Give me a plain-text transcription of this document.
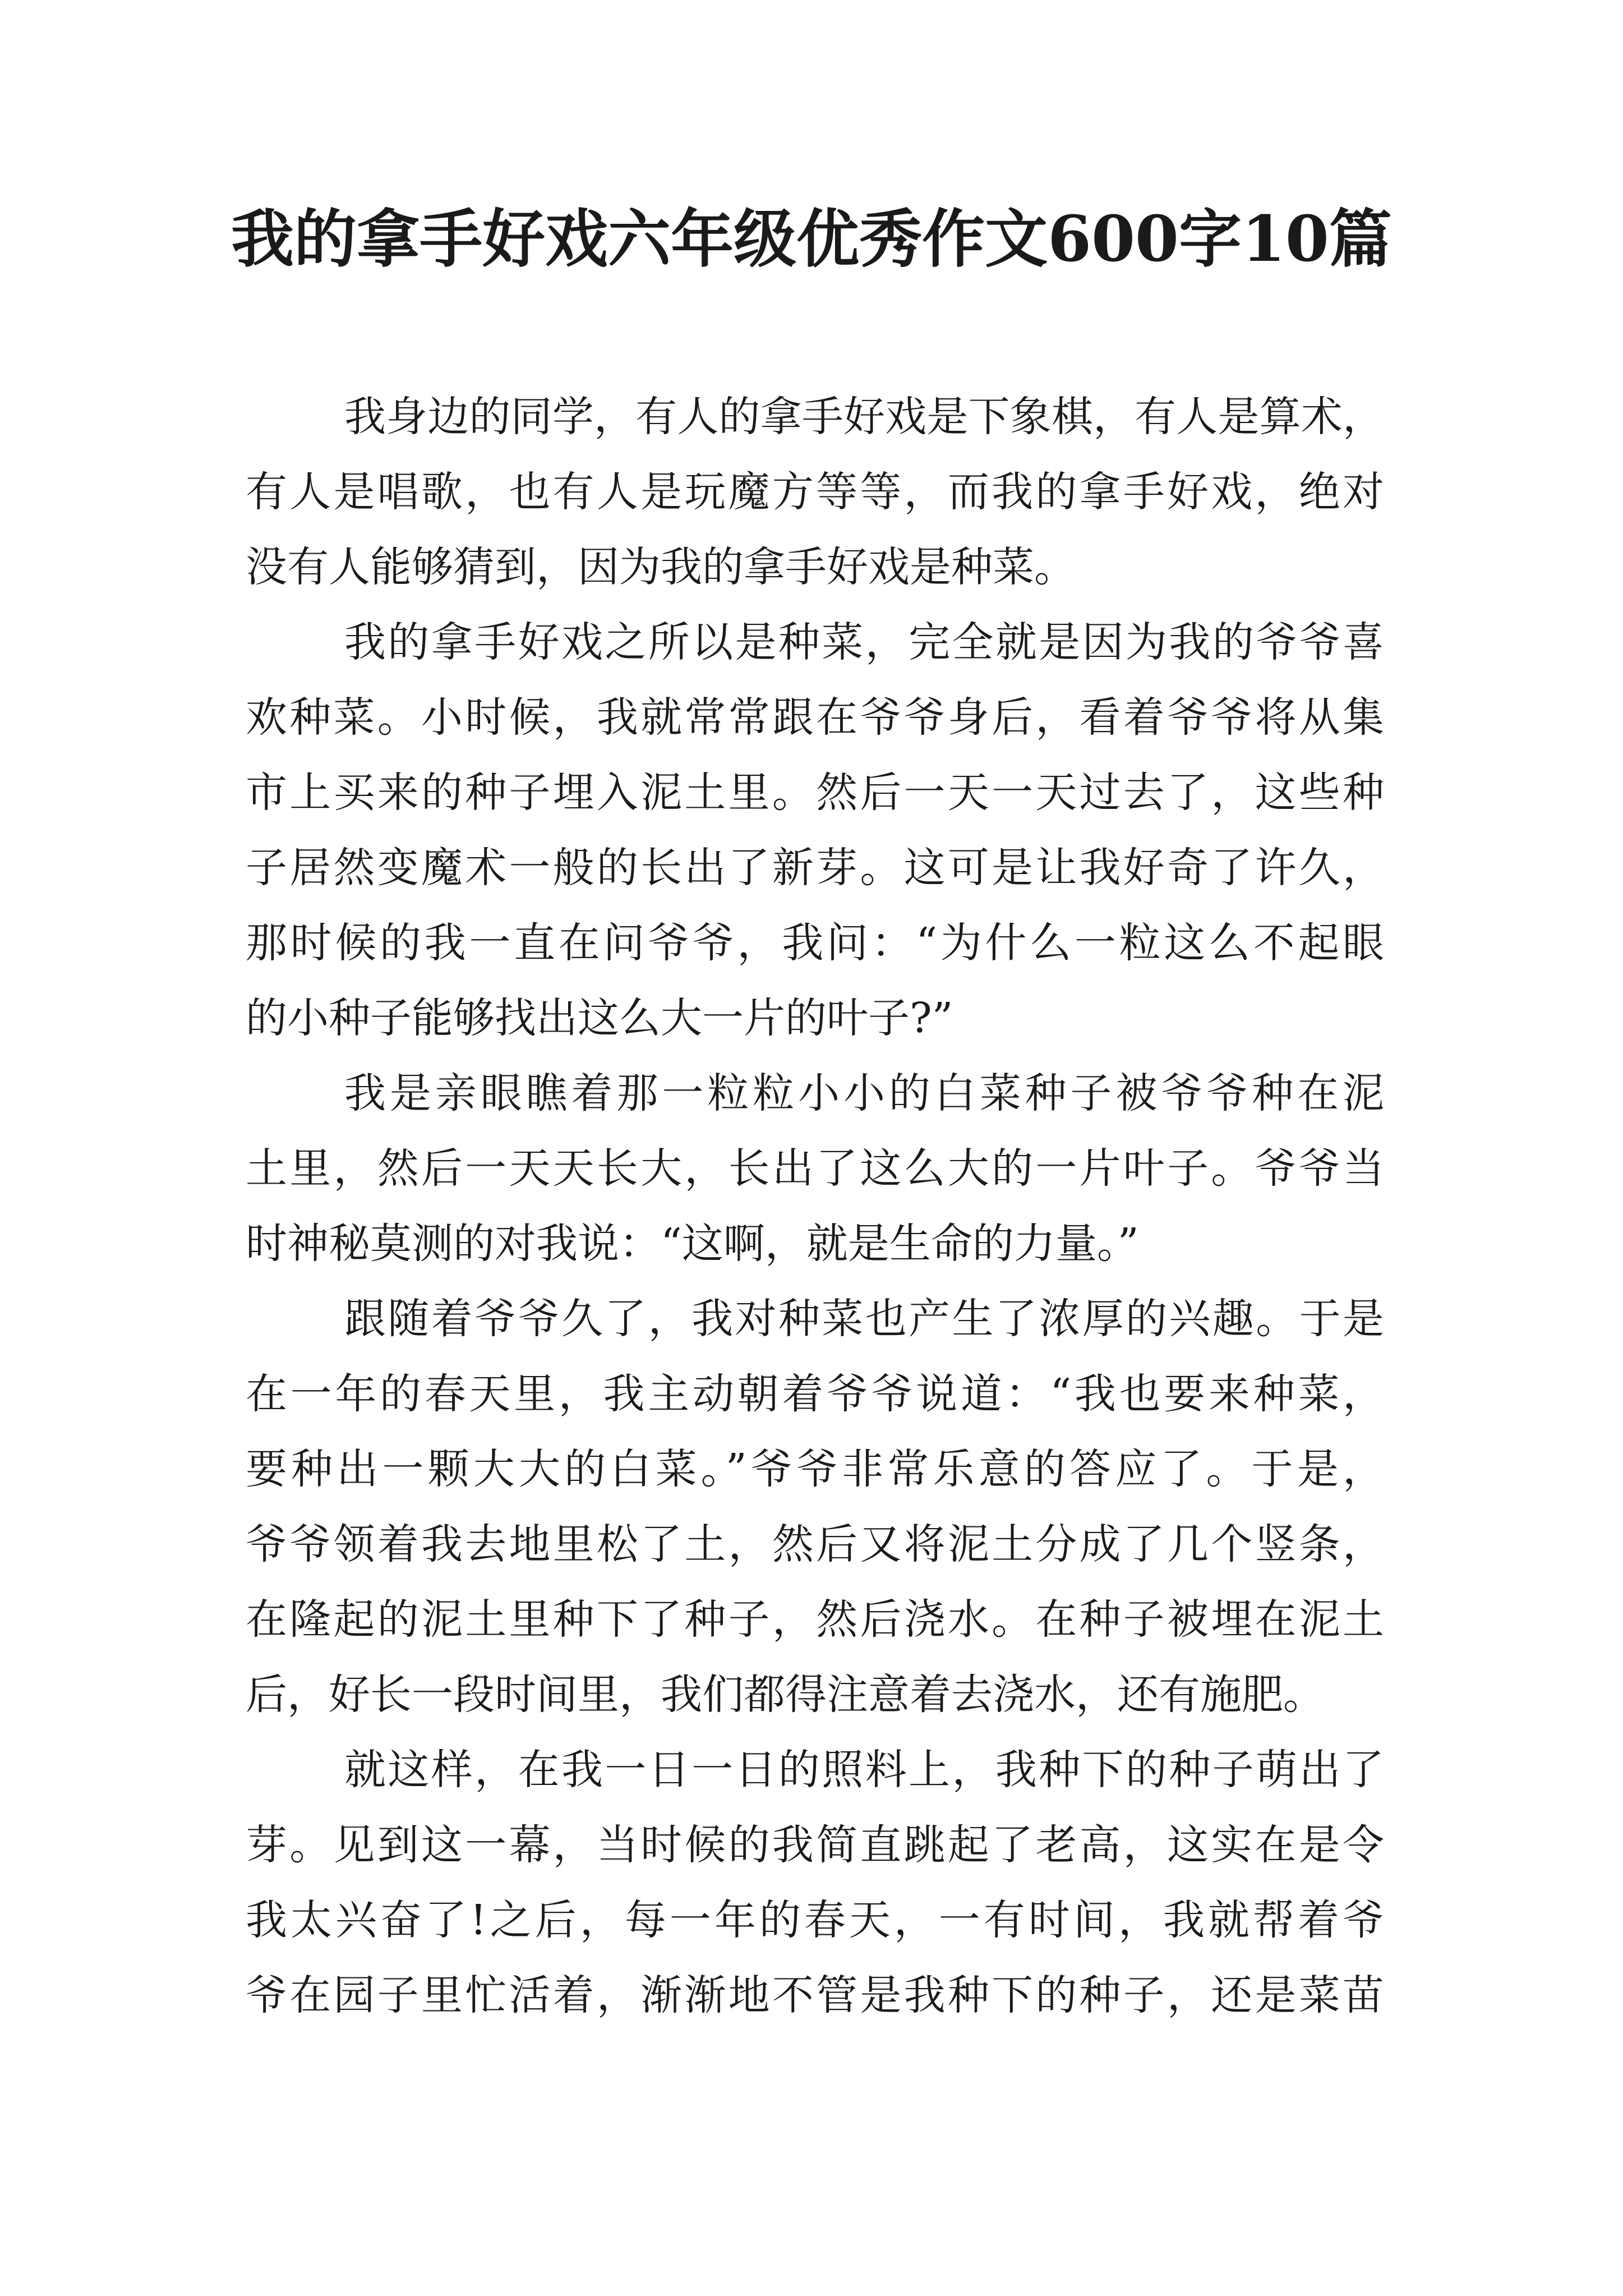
我的拿手好戏六年级优秀作文600字10篇
我身边的同学，有人的拿手好戏是下象棋，有人是算术，
有人是唱歌，也有人是玩魔方等等，而我的拿手好戏，绝对
没有人能够猜到，因为我的拿手好戏是种菜。
我的拿手好戏之所以是种菜，完全就是因为我的爷爷喜
欢种菜。小时候，我就常常跟在爷爷身后，看着爷爷将从集
市上买来的种子埋入泥土里。然后一天一天过去了，这些种
子居然变魔术一般的长出了新芽。这可是让我好奇了许久，
那时候的我一直在问爷爷，我问：“为什么一粒这么不起眼
的小种子能够找出这么大一片的叶子?”
我是亲眼瞧着那一粒粒小小的白菜种子被爷爷种在泥
土里，然后一天天长大，长出了这么大的一片叶子。爷爷当
时神秘莫测的对我说：“这啊，就是生命的力量。”
跟随着爷爷久了，我对种菜也产生了浓厚的兴趣。于是
在一年的春天里，我主动朝着爷爷说道：“我也要来种菜，
要种出一颗大大的白菜。”爷爷非常乐意的答应了。于是，
爷爷领着我去地里松了土，然后又将泥土分成了几个竖条，
在隆起的泥土里种下了种子，然后浇水。在种子被埋在泥土
后，好长一段时间里，我们都得注意着去浇水，还有施肥。
就这样，在我一日一日的照料上，我种下的种子萌出了
芽。见到这一幕，当时候的我简直跳起了老高，这实在是令
我太兴奋了!之后，每一年的春天，一有时间，我就帮着爷
爷在园子里忙活着，渐渐地不管是我种下的种子，还是菜苗
